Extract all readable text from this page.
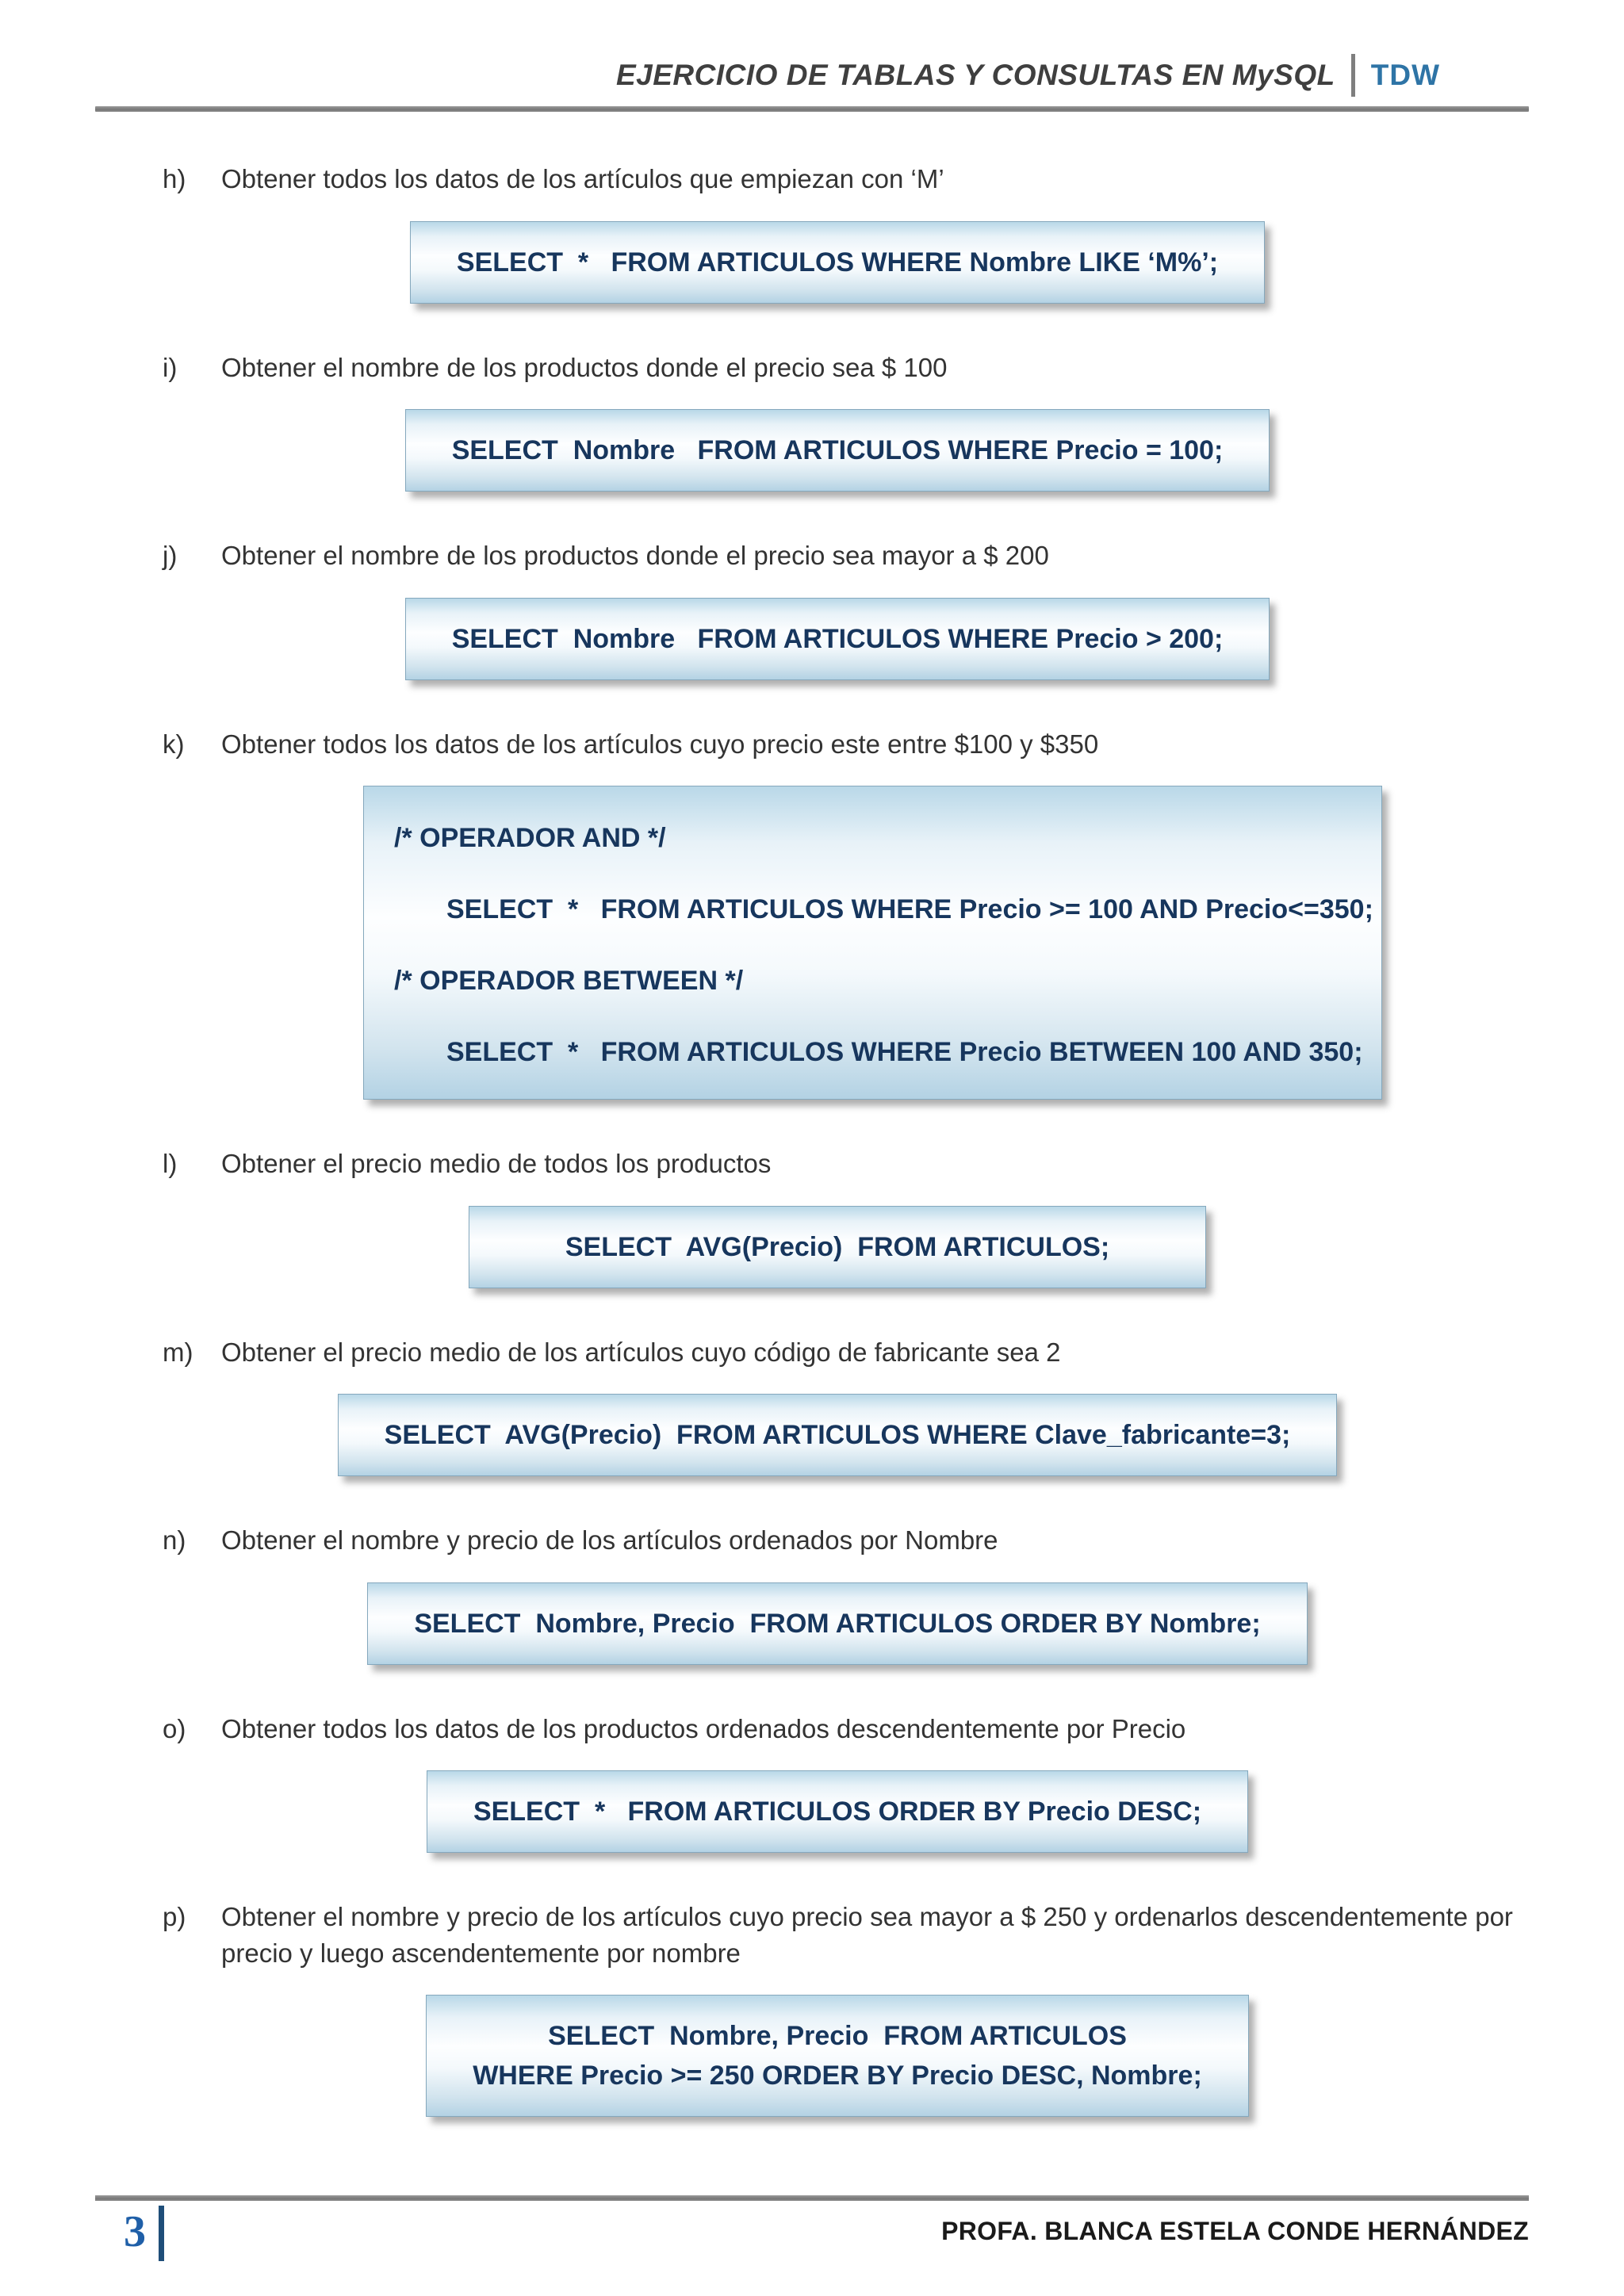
EJERCICIO DE TABLAS Y CONSULTAS EN MySQL TDW
h)	Obtener todos los datos de los artículos que empiezan con ‘M’
SELECT  *   FROM ARTICULOS WHERE Nombre LIKE ‘M%’;
i)	Obtener el nombre de los productos donde el precio sea $ 100
SELECT  Nombre   FROM ARTICULOS WHERE Precio = 100;
j)	Obtener el nombre de los productos donde el precio sea mayor a $ 200
SELECT  Nombre   FROM ARTICULOS WHERE Precio > 200;
k)	Obtener todos los datos de los artículos cuyo precio este entre $100 y $350
/* OPERADOR AND */
SELECT  *   FROM ARTICULOS WHERE Precio >= 100 AND Precio<=350;
/* OPERADOR BETWEEN */
SELECT  *   FROM ARTICULOS WHERE Precio BETWEEN 100 AND 350;
l)	Obtener el precio medio de todos los productos
SELECT  AVG(Precio)  FROM ARTICULOS;
m)	Obtener el precio medio de los artículos cuyo código de fabricante sea 2
SELECT  AVG(Precio)  FROM ARTICULOS WHERE Clave_fabricante=3;
n)	Obtener el nombre y precio de los artículos ordenados por Nombre
SELECT  Nombre, Precio  FROM ARTICULOS ORDER BY Nombre;
o)	Obtener todos los datos de los productos ordenados descendentemente por Precio
SELECT  *   FROM ARTICULOS ORDER BY Precio DESC;
p)	Obtener el nombre y precio de los artículos cuyo precio sea mayor a $ 250 y ordenarlos descendentemente por precio y luego ascendentemente por nombre
SELECT  Nombre, Precio  FROM ARTICULOS
WHERE Precio >= 250 ORDER BY Precio DESC, Nombre;
3	PROFA. BLANCA ESTELA CONDE HERNÁNDEZ
